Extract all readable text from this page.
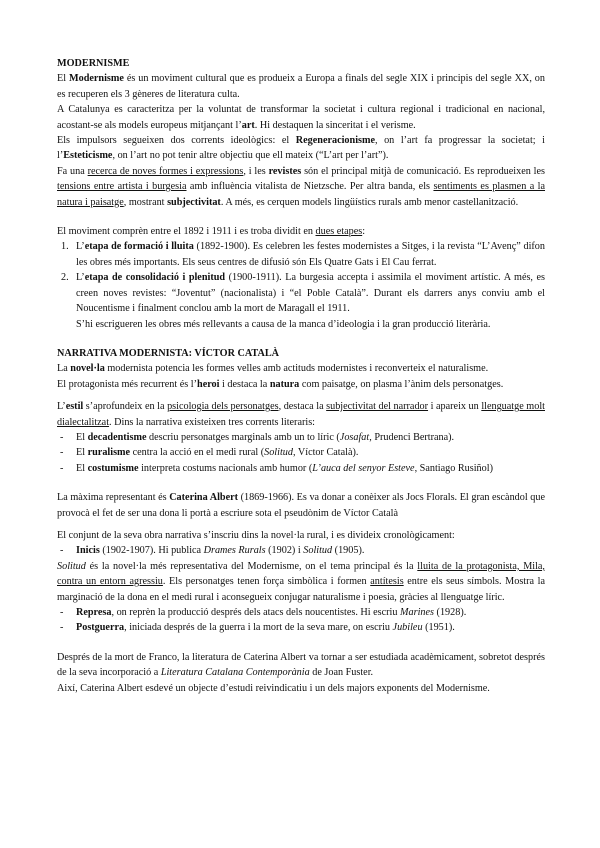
MODERNISME

El Modernisme és un moviment cultural que es produeix a Europa a finals del segle XIX i principis del segle XX, on es recuperen els 3 gèneres de literatura culta.

A Catalunya es caracteritza per la voluntat de transformar la societat i cultura regional i tradicional en nacional, acostant-se als models europeus mitjançant l’art. Hi destaquen la sinceritat i el verisme.

Els impulsors segueixen dos corrents ideològics: el Regeneracionisme, on l’art fa progressar la societat; i l’Esteticisme, on l’art no pot tenir altre objectiu que ell mateix (“L’art per l’art”).

Fa una recerca de noves formes i expressions, i les revistes són el principal mitjà de comunicació. Es reprodueixen les tensions entre artista i burgesia amb influència vitalista de Nietzsche. Per altra banda, els sentiments es plasmen a la natura i paisatge, mostrant subjectivitat. A més, es cerquen models lingüístics rurals amb menor castellanització.

El moviment comprèn entre el 1892 i 1911 i es troba dividit en dues etapes:

1. L’etapa de formació i lluita (1892-1900). Es celebren les festes modernistes a Sitges, i la revista “L’Avenç” difon les obres més importants. Els seus centres de difusió són Els Quatre Gats i El Cau ferrat.
2. L’etapa de consolidació i plenitud (1900-1911). La burgesia accepta i assimila el moviment artístic. A més, es creen noves revistes: “Joventut” (nacionalista) i “el Poble Català”. Durant els darrers anys conviu amb el Noucentisme i finalment conclou amb la mort de Maragall el 1911.

S’hi escrigueren les obres més rellevants a causa de la manca d’ideologia i la gran producció literària.

NARRATIVA MODERNISTA: VÍCTOR CATALÀ

La novel·la modernista potencia les formes velles amb actituds modernistes i reconverteix el naturalisme.

El protagonista més recurrent és l’heroi i destaca la natura com paisatge, on plasma l’ànim dels personatges.

L’estil s’aprofundeix en la psicologia dels personatges, destaca la subjectivitat del narrador i apareix un llenguatge molt dialectalitzat. Dins la narrativa existeixen tres corrents literaris:

- El decadentisme descriu personatges marginals amb un to líric (Josafat, Prudenci Bertrana).
- El ruralisme centra la acció en el medi rural (Solitud, Víctor Català).
- El costumisme interpreta costums nacionals amb humor (L’auca del senyor Esteve, Santiago Rusiñol)

La màxima representant és Caterina Albert (1869-1966). Es va donar a conèixer als Jocs Florals. El gran escàndol que provocà el fet de ser una dona li portà a escriure sota el pseudònim de Víctor Català

El conjunt de la seva obra narrativa s’inscriu dins la novel·la rural, i es divideix cronològicament:

- Inicis (1902-1907). Hi publica Drames Rurals (1902) i Solitud (1905).

Solitud és la novel·la més representativa del Modernisme, on el tema principal és la lluita de la protagonista, Mila, contra un entorn agressiu. Els personatges tenen força simbòlica i formen antítesis entre els seus símbols. Mostra la marginació de la dona en el medi rural i aconsegueix conjugar naturalisme i poesia, gràcies al llenguatge líric.

- Represa, on reprèn la producció després dels atacs dels noucentistes. Hi escriu Marines (1928).
- Postguerra, iniciada després de la guerra i la mort de la seva mare, on escriu Jubileu (1951).

Després de la mort de Franco, la literatura de Caterina Albert va tornar a ser estudiada acadèmicament, sobretot després de la seva incorporació a Literatura Catalana Contemporània de Joan Fuster.

Així, Caterina Albert esdevé un objecte d’estudi reivindicatiu i un dels majors exponents del Modernisme.
